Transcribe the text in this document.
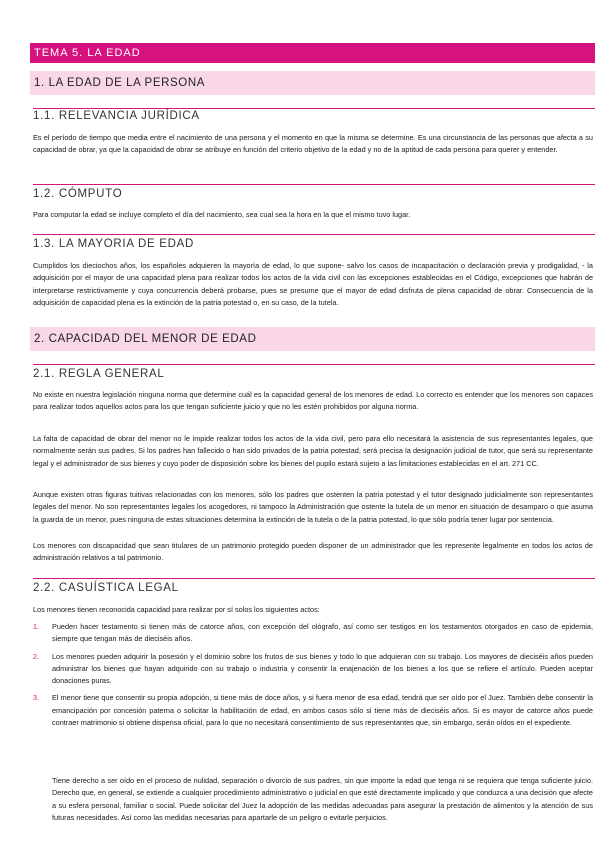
TEMA 5. LA EDAD
1. LA EDAD DE LA PERSONA
1.1. RELEVANCIA JURÍDICA

Es el período de tiempo que media entre el nacimiento de una persona y el momento en que la misma se determine. Es una circunstancia de las personas que afecta a su capacidad de obrar, ya que la capacidad de obrar se atribuye en función del criterio objetivo de la edad y no de la aptitud de cada persona para querer y entender.

1.2. CÓMPUTO

Para computar la edad se incluye completo el día del nacimiento, sea cual sea la hora en la que el mismo tuvo lugar.

1.3. LA MAYORIA DE EDAD

Cumplidos los dieciochos años, los españoles adquieren la mayoría de edad, lo que supone- salvo los casos de incapacitación o declaración previa y prodigalidad, - la adquisición por el mayor de una capacidad plena para realizar todos los actos de la vida civil con las excepciones establecidas en el Código, excepciones que habrán de interpretarse restrictivamente y cuya concurrencia deberá probarse, pues se presume que el mayor de edad disfruta de plena capacidad de obrar. Consecuencia de la adquisición de capacidad plena es la extinción de la patria potestad o, en su caso, de la tutela.

2. CAPACIDAD DEL MENOR DE EDAD
2.1. REGLA GENERAL

No existe en nuestra legislación ninguna norma que determine cuál es la capacidad general de los menores de edad. Lo correcto es entender que los menores son capaces para realizar todos aquellos actos para los que tengan suficiente juicio y que no les estén prohibidos por alguna norma.

La falta de capacidad de obrar del menor no le impide realizar todos los actos de la vida civil, pero para ello necesitará la asistencia de sus representantes legales, que normalmente serán sus padres. Si los padres han fallecido o han sido privados de la patria potestad, será precisa la designación judicial de tutor, que será su representante legal y el administrador de sus bienes y cuyo poder de disposición sobre los bienes del pupilo estará sujeto a las limitaciones establecidas en el art. 271 CC.

Aunque existen otras figuras tuitivas relacionadas con los menores, sólo los padres que ostenten la patria potestad y el tutor designado judicialmente son representantes legales del menor. No son representantes legales los acogedores, ni tampoco la Administración que ostente la tutela de un menor en situación de desamparo o que asuma la guarda de un menor, pues ninguna de estas situaciones determina la extinción de la tutela o de la patria potestad, lo que sólo podría tener lugar por sentencia.

Los menores con discapacidad que sean titulares de un patrimonio protegido pueden disponer de un administrador que les represente legalmente en todos los actos de administración relativos a tal patrimonio.

2.2. CASUÍSTICA LEGAL

Los menores tienen reconocida capacidad para realizar por sí solos los siguientes actos:

1. Pueden hacer testamento si tienen más de catorce años, con excepción del ológrafo, así como ser testigos en los testamentos otorgados en caso de epidemia, siempre que tengan más de dieciséis años.
2. Los menores pueden adquirir la posesión y el dominio sobre los frutos de sus bienes y todo lo que adquieran con su trabajo. Los mayores de dieciséis años pueden administrar los bienes que hayan adquirido con su trabajo o industria y consentir la enajenación de los bienes a los que se refiere el artículo. Pueden aceptar donaciones puras.
3. El menor tiene que consentir su propia adopción, si tiene más de doce años, y si fuera menor de esa edad, tendrá que ser oído por el Juez. También debe consentir la emancipación por concesión paterna o solicitar la habilitación de edad, en ambos casos sólo si tiene más de dieciséis años. Si es mayor de catorce años puede contraer matrimonio si obtiene dispensa oficial, para lo que no necesitará consentimiento de sus representantes que, sin embargo, serán oídos en el expediente.

Tiene derecho a ser oído en el proceso de nulidad, separación o divorcio de sus padres, sin que importe la edad que tenga ni se requiera que tenga suficiente juicio. Derecho que, en general, se extiende a cualquier procedimiento administrativo o judicial en que esté directamente implicado y que conduzca a una decisión que afecte a su esfera personal, familiar o social. Puede solicitar del Juez la adopción de las medidas adecuadas para asegurar la prestación de alimentos y la atención de sus futuras necesidades. Así como las medidas necesarias para apartarle de un peligro o evitarle perjuicios.
